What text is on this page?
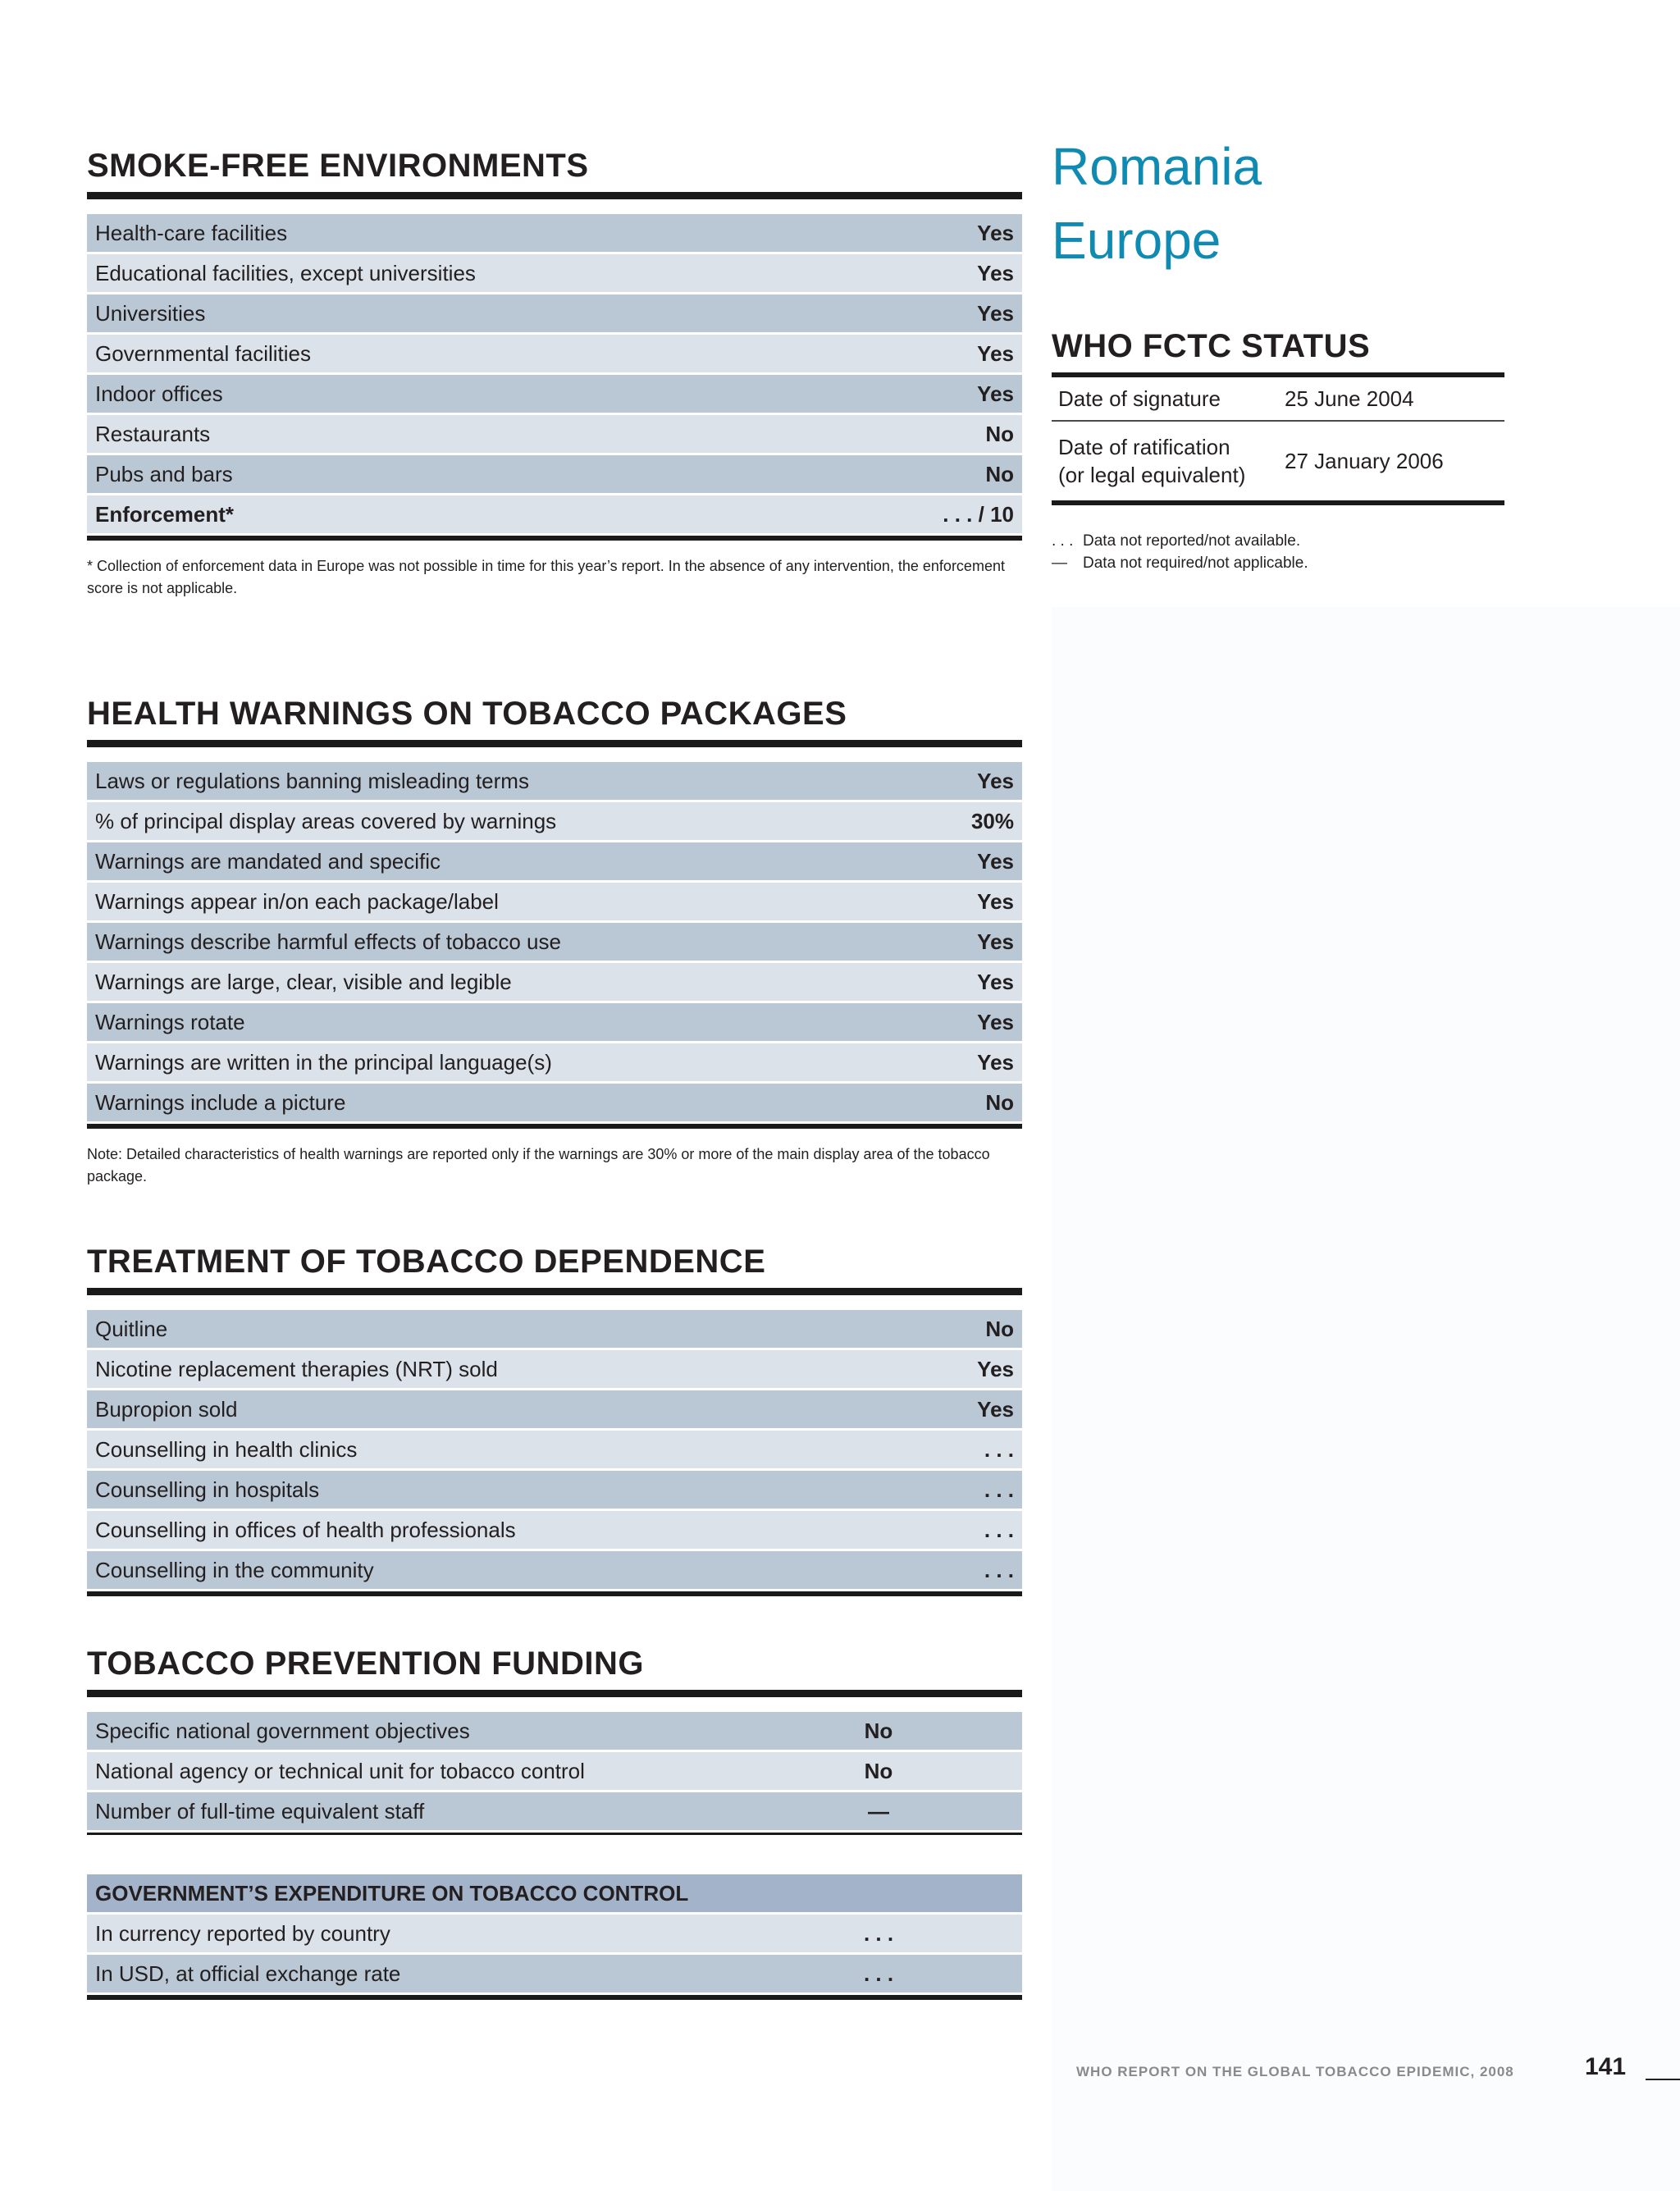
SMOKE-FREE ENVIRONMENTS
Health-care facilities	Yes
Educational facilities, except universities	Yes
Universities	Yes
Governmental facilities	Yes
Indoor offices	Yes
Restaurants	No
Pubs and bars	No
Enforcement*	. . . / 10
* Collection of enforcement data in Europe was not possible in time for this year’s report. In the absence of any intervention, the enforcement score is not applicable.
HEALTH WARNINGS ON TOBACCO PACKAGES
Laws or regulations banning misleading terms	Yes
% of principal display areas covered by warnings	30%
Warnings are mandated and specific	Yes
Warnings appear in/on each package/label	Yes
Warnings describe harmful effects of tobacco use	Yes
Warnings are large, clear, visible and legible	Yes
Warnings rotate	Yes
Warnings are written in the principal language(s)	Yes
Warnings include a picture	No
Note: Detailed characteristics of health warnings are reported only if the warnings are 30% or more of the main display area of the tobacco package.
TREATMENT OF TOBACCO DEPENDENCE
Quitline	No
Nicotine replacement therapies (NRT) sold	Yes
Bupropion sold	Yes
Counselling in health clinics	. . .
Counselling in hospitals	. . .
Counselling in offices of health professionals	. . .
Counselling in the community	. . .
TOBACCO PREVENTION FUNDING
Specific national government objectives	No	
National agency or technical unit for tobacco control	No	
Number of full-time equivalent staff	—	
GOVERNMENT’S EXPENDITURE ON TOBACCO CONTROL		
In currency reported by country	. . .	
In USD, at official exchange rate	. . .	
Romania
Europe
WHO FCTC STATUS
Date of signature	25 June 2004

Date of ratification
(or legal equivalent)	27 January 2006
. . . Data not reported/not available.
— Data not required/not applicable.
WHO REPORT ON THE GLOBAL TOBACCO EPIDEMIC, 2008	141
